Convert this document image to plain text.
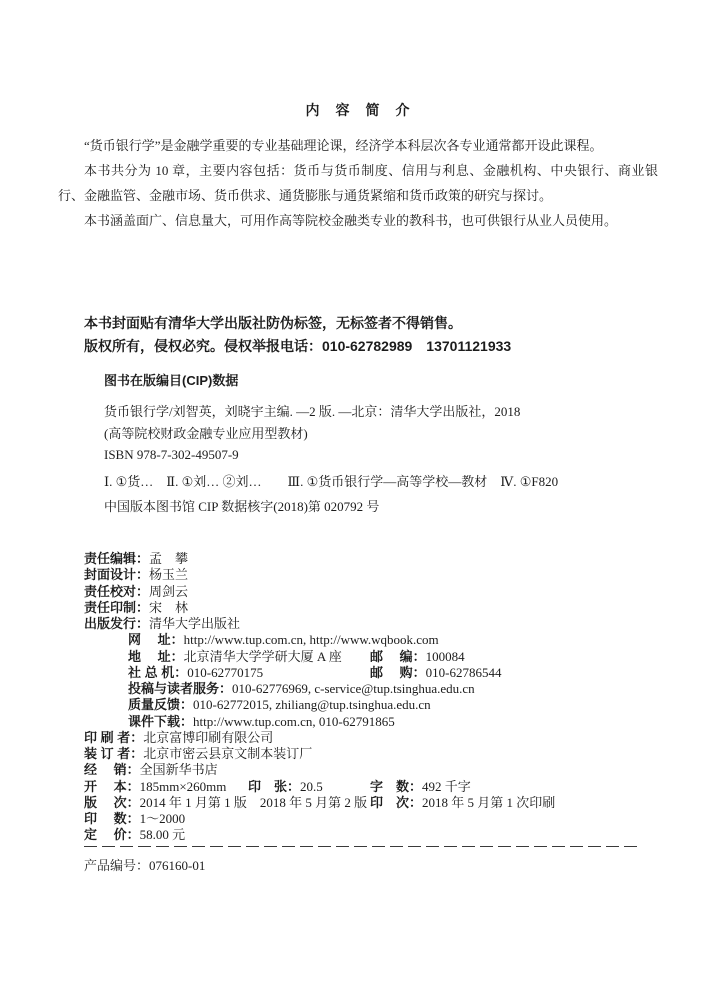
内　容　简　介

“货币银行学”是金融学重要的专业基础理论课，经济学本科层次各专业通常都开设此课程。

本书共分为 10 章，主要内容包括：货币与货币制度、信用与利息、金融机构、中央银行、商业银行、金融监管、金融市场、货币供求、通货膨胀与通货紧缩和货币政策的研究与探讨。

本书涵盖面广、信息量大，可用作高等院校金融类专业的教科书，也可供银行从业人员使用。

本书封面贴有清华大学出版社防伪标签，无标签者不得销售。
版权所有，侵权必究。侵权举报电话：010-62782989　13701121933

图书在版编目(CIP)数据

货币银行学/刘智英，刘晓宇主编. —2 版. —北京：清华大学出版社，2018
(高等院校财政金融专业应用型教材)
ISBN 978-7-302-49507-9
Ⅰ. ①货…　Ⅱ. ①刘… ②刘…　　Ⅲ. ①货币银行学—高等学校—教材　Ⅳ. ①F820
中国版本图书馆 CIP 数据核字(2018)第 020792 号
责任编辑：孟　攀
封面设计：杨玉兰
责任校对：周剑云
责任印制：宋　林
出版发行：清华大学出版社
网　 址：http://www.tup.com.cn, http://www.wqbook.com
地　 址：北京清华大学学研大厦 A 座 邮　 编：100084
社 总 机：010-62770175	邮　 购：010-62786544
投稿与读者服务：010-62776969, c-service@tup.tsinghua.edu.cn
质量反馈：010-62772015, zhiliang@tup.tsinghua.edu.cn
课件下载：http://www.tup.com.cn, 010-62791865
印 刷 者：北京富博印刷有限公司
装 订 者：北京市密云县京文制本装订厂
经　 销：全国新华书店
开　 本：185mm×260mm 印　张：20.5	字　数：492 千字
版　 次：2014 年 1 月第 1 版　2018 年 5 月第 2 版 印　次：2018 年 5 月第 1 次印刷
印　 数：1～2000
定　 价：58.00 元
产品编号：076160-01
